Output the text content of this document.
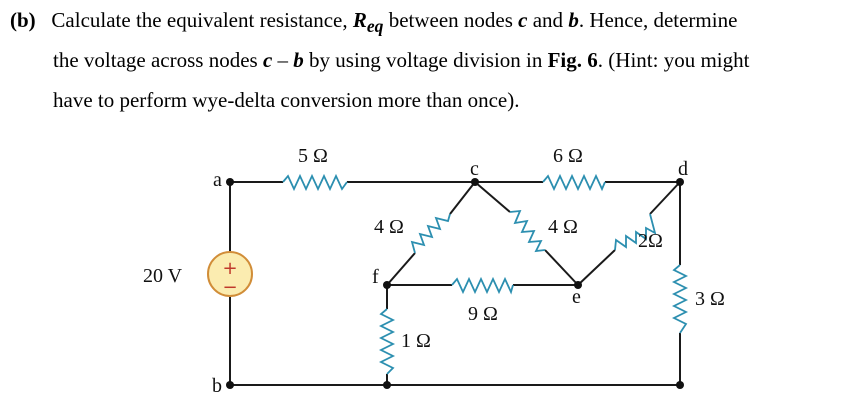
(b) Calculate the equivalent resistance, $R_{eq}$ between nodes c and b. Hence, determine
the voltage across nodes c – b by using voltage division in Fig. 6. (Hint: you might
have to perform wye-delta conversion more than once).
+
−
a
b
c	d
e
f
5 Ω	6 Ω
4 Ω	4 Ω
2Ω
9 Ω
1 Ω
3 Ω
20 V
